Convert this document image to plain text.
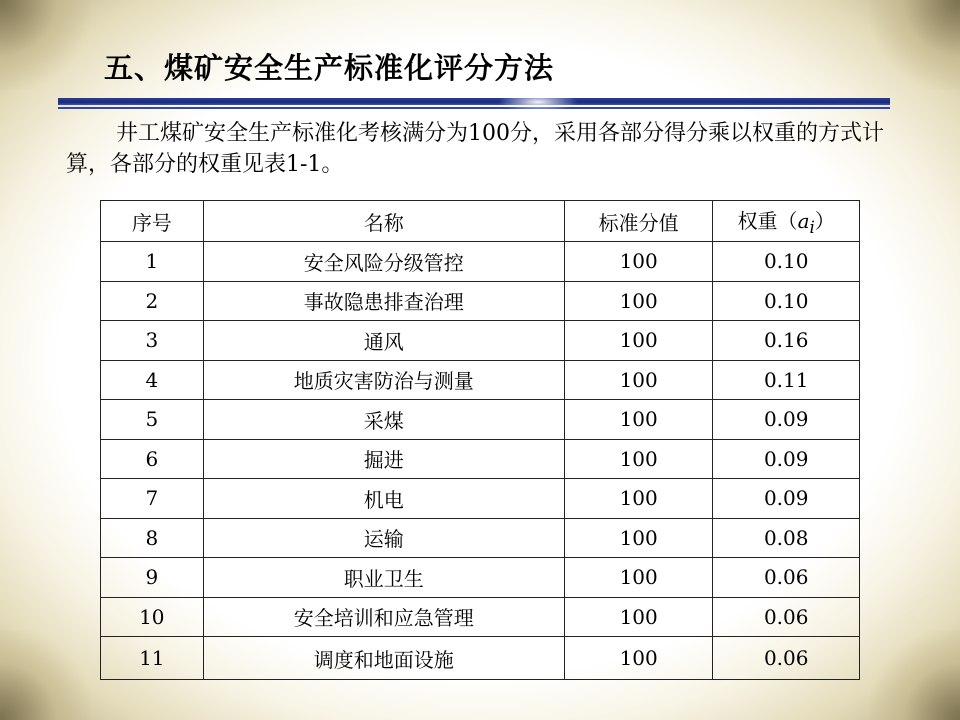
五、煤矿安全生产标准化评分方法

井工煤矿安全生产标准化考核满分为100分，采用各部分得分乘以权重的方式计算，各部分的权重见表1-1。

序号	名称	标准分值	权重$(a_i)$
1	安全风险分级管控	100	0.10
2	事故隐患排查治理	100	0.10
3	通风	100	0.16
4	地质灾害防治与测量	100	0.11
5	采煤	100	0.09
6	掘进	100	0.09
7	机电	100	0.09
8	运输	100	0.08
9	职业卫生	100	0.06
10	安全培训和应急管理	100	0.06
11	调度和地面设施	100	0.06
